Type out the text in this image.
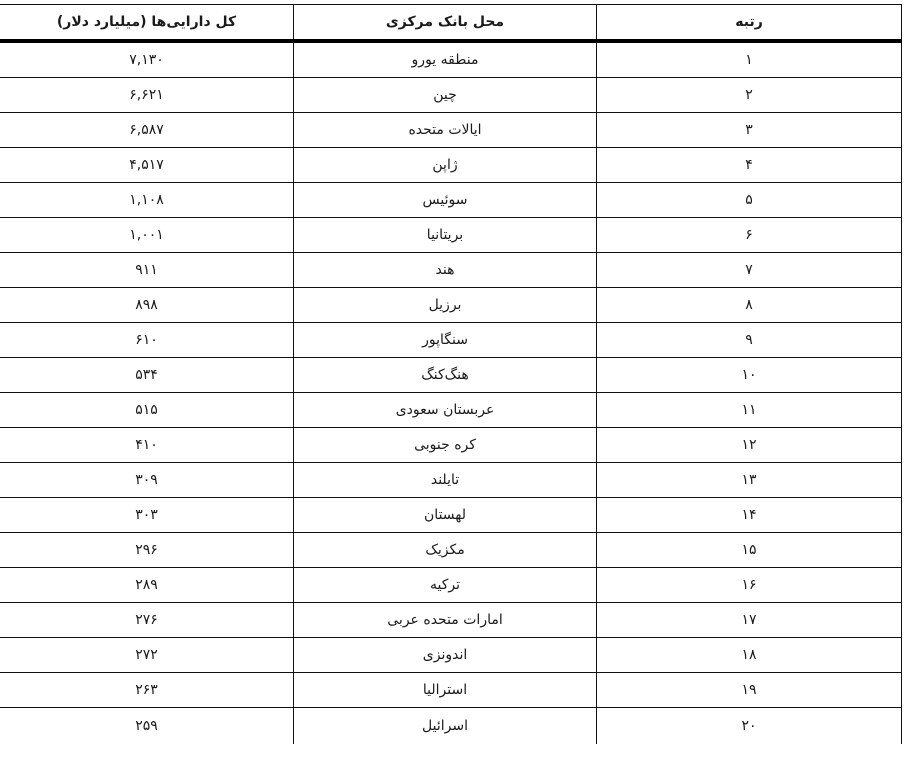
رتبه
محل بانک مرکزی
کل دارایی‌ها (میلیارد دلار)
۱
منطقه یورو
۷,۱۳۰
۲
چین
۶,۶۲۱
۳
ایالات متحده
۶,۵۸۷
۴
ژاپن
۴,۵۱۷
۵
سوئیس
۱,۱۰۸
۶
بریتانیا
۱,۰۰۱
۷
هند
۹۱۱
۸
برزیل
۸۹۸
۹
سنگاپور
۶۱۰
۱۰
هنگ‌کنگ
۵۳۴
۱۱
عربستان سعودی
۵۱۵
۱۲
کره جنوبی
۴۱۰
۱۳
تایلند
۳۰۹
۱۴
لهستان
۳۰۳
۱۵
مکزیک
۲۹۶
۱۶
ترکیه
۲۸۹
۱۷
امارات متحده عربی
۲۷۶
۱۸
اندونزی
۲۷۲
۱۹
استرالیا
۲۶۳
۲۰
اسرائیل
۲۵۹
